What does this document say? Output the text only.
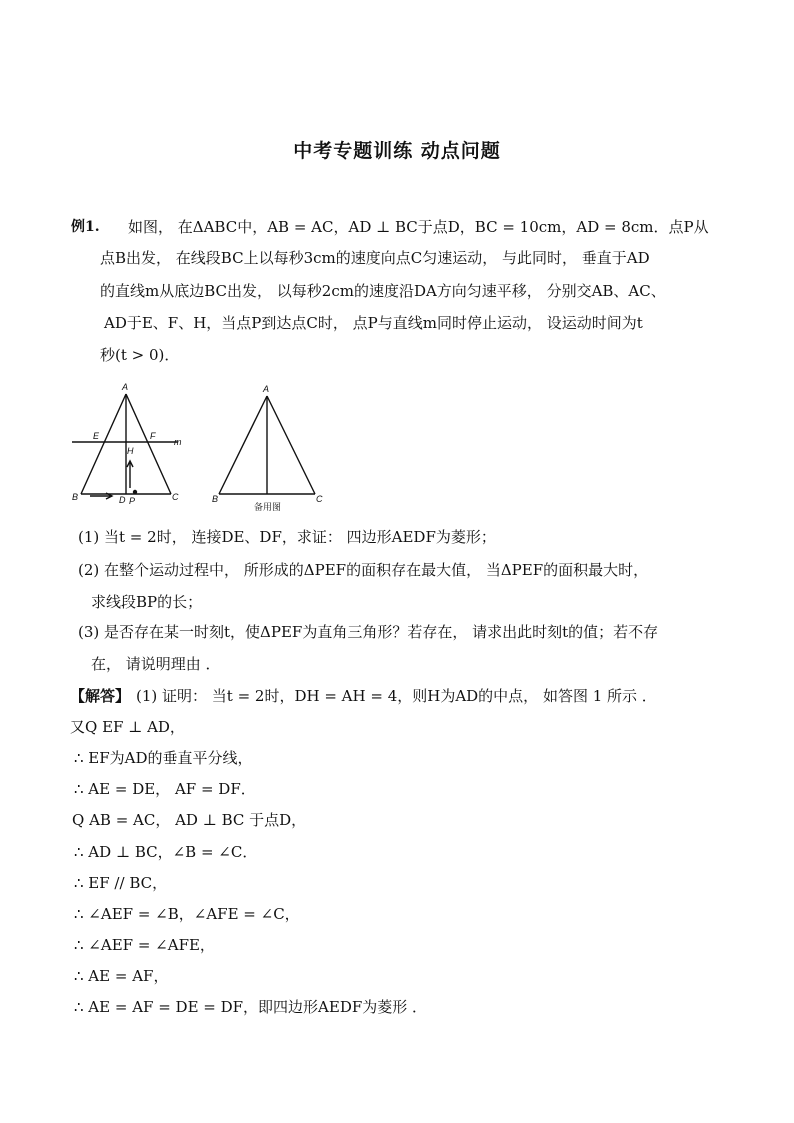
中考专题训练 动点问题
例1. 如图， 在ΔABC中，AB = AC，AD ⊥ BC于点D，BC = 10cm，AD = 8cm．点P从
点B出发， 在线段BC上以每秒3cm的速度向点C匀速运动， 与此同时， 垂直于AD
的直线m从底边BC出发， 以每秒2cm的速度沿DA方向匀速平移， 分别交AB、AC、
AD于E、F、H，当点P到达点C时， 点P与直线m同时停止运动， 设运动时间为t
秒(t > 0)．
A
E	F
m
H
B	D P	C
A
B	C
备用图
(1) 当t = 2时， 连接DE、DF，求证： 四边形AEDF为菱形；
(2) 在整个运动过程中， 所形成的ΔPEF的面积存在最大值， 当ΔPEF的面积最大时，
求线段BP的长；
(3) 是否存在某一时刻t，使ΔPEF为直角三角形？若存在， 请求出此时刻t的值；若不存
在， 请说明理由 ．
【解答】 (1) 证明： 当t = 2时，DH = AH = 4，则H为AD的中点， 如答图 1 所示 ．
又Q EF ⊥ AD，
∴ EF为AD的垂直平分线，
∴ AE = DE， AF = DF．
Q AB = AC， AD ⊥ BC 于点D，
∴ AD ⊥ BC，∠B = ∠C．
∴ EF // BC，
∴ ∠AEF = ∠B，∠AFE = ∠C，
∴ ∠AEF = ∠AFE，
∴ AE = AF，
∴ AE = AF = DE = DF，即四边形AEDF为菱形 ．
